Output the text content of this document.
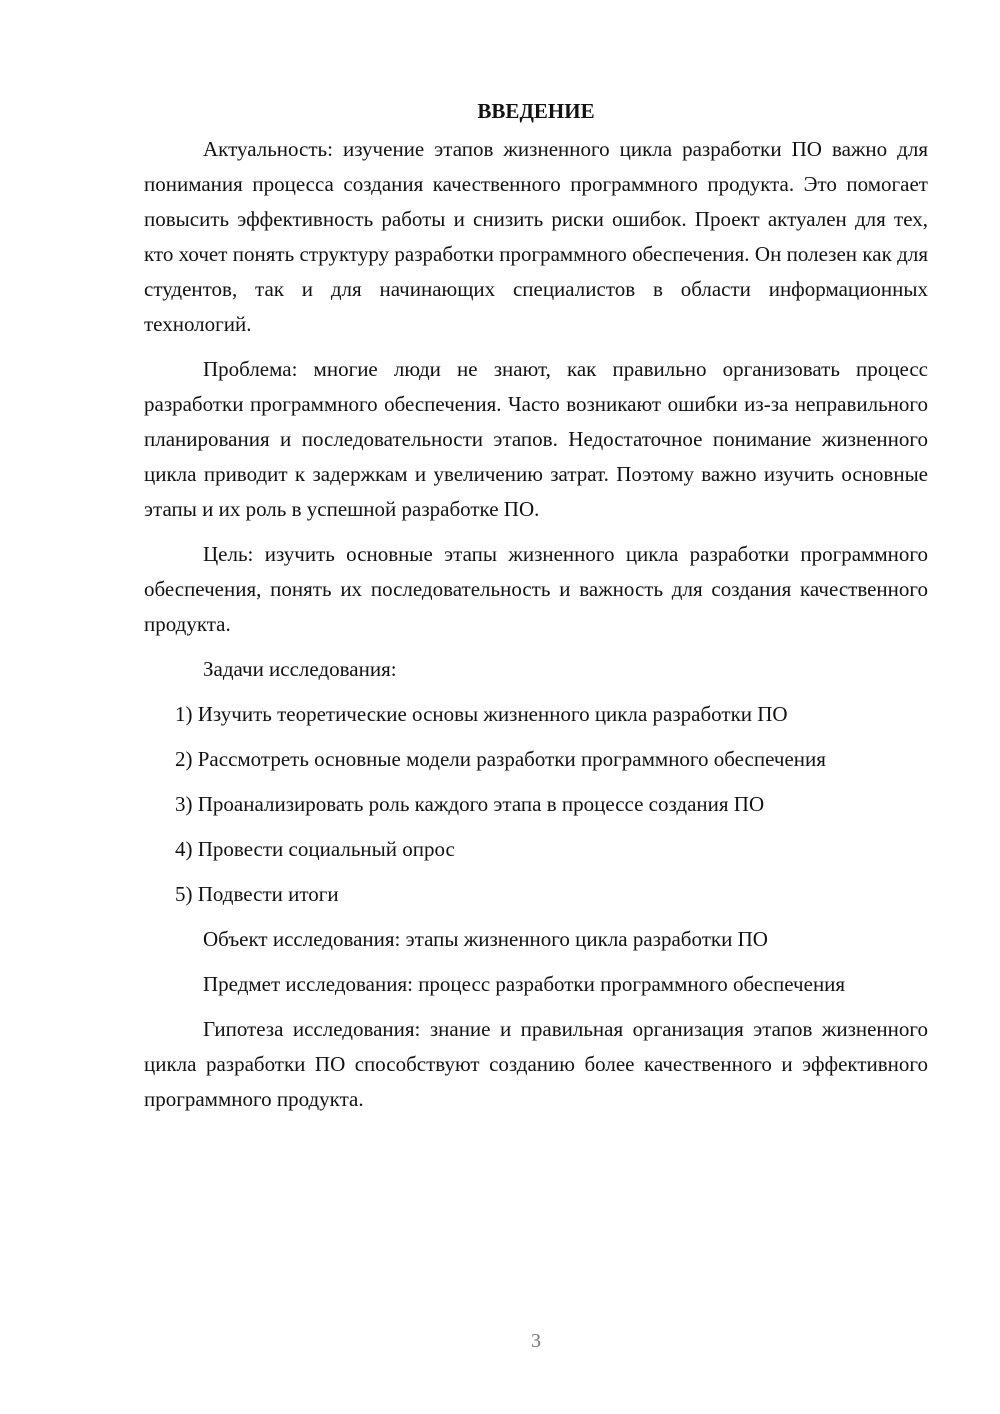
ВВЕДЕНИЕ
Актуальность: изучение этапов жизненного цикла разработки ПО важно для понимания процесса создания качественного программного продукта. Это помогает повысить эффективность работы и снизить риски ошибок. Проект актуален для тех, кто хочет понять структуру разработки программного обеспечения. Он полезен как для студентов, так и для начинающих специалистов в области информационных технологий.
Проблема: многие люди не знают, как правильно организовать процесс разработки программного обеспечения. Часто возникают ошибки из-за неправильного планирования и последовательности этапов. Недостаточное понимание жизненного цикла приводит к задержкам и увеличению затрат. Поэтому важно изучить основные этапы и их роль в успешной разработке ПО.
Цель: изучить основные этапы жизненного цикла разработки программного обеспечения, понять их последовательность и важность для создания качественного продукта.
Задачи исследования:
1) Изучить теоретические основы жизненного цикла разработки ПО
2) Рассмотреть основные модели разработки программного обеспечения
3) Проанализировать роль каждого этапа в процессе создания ПО
4) Провести социальный опрос
5) Подвести итоги
Объект исследования: этапы жизненного цикла разработки ПО
Предмет исследования: процесс разработки программного обеспечения
Гипотеза исследования: знание и правильная организация этапов жизненного цикла разработки ПО способствуют созданию более качественного и эффективного программного продукта.
3
